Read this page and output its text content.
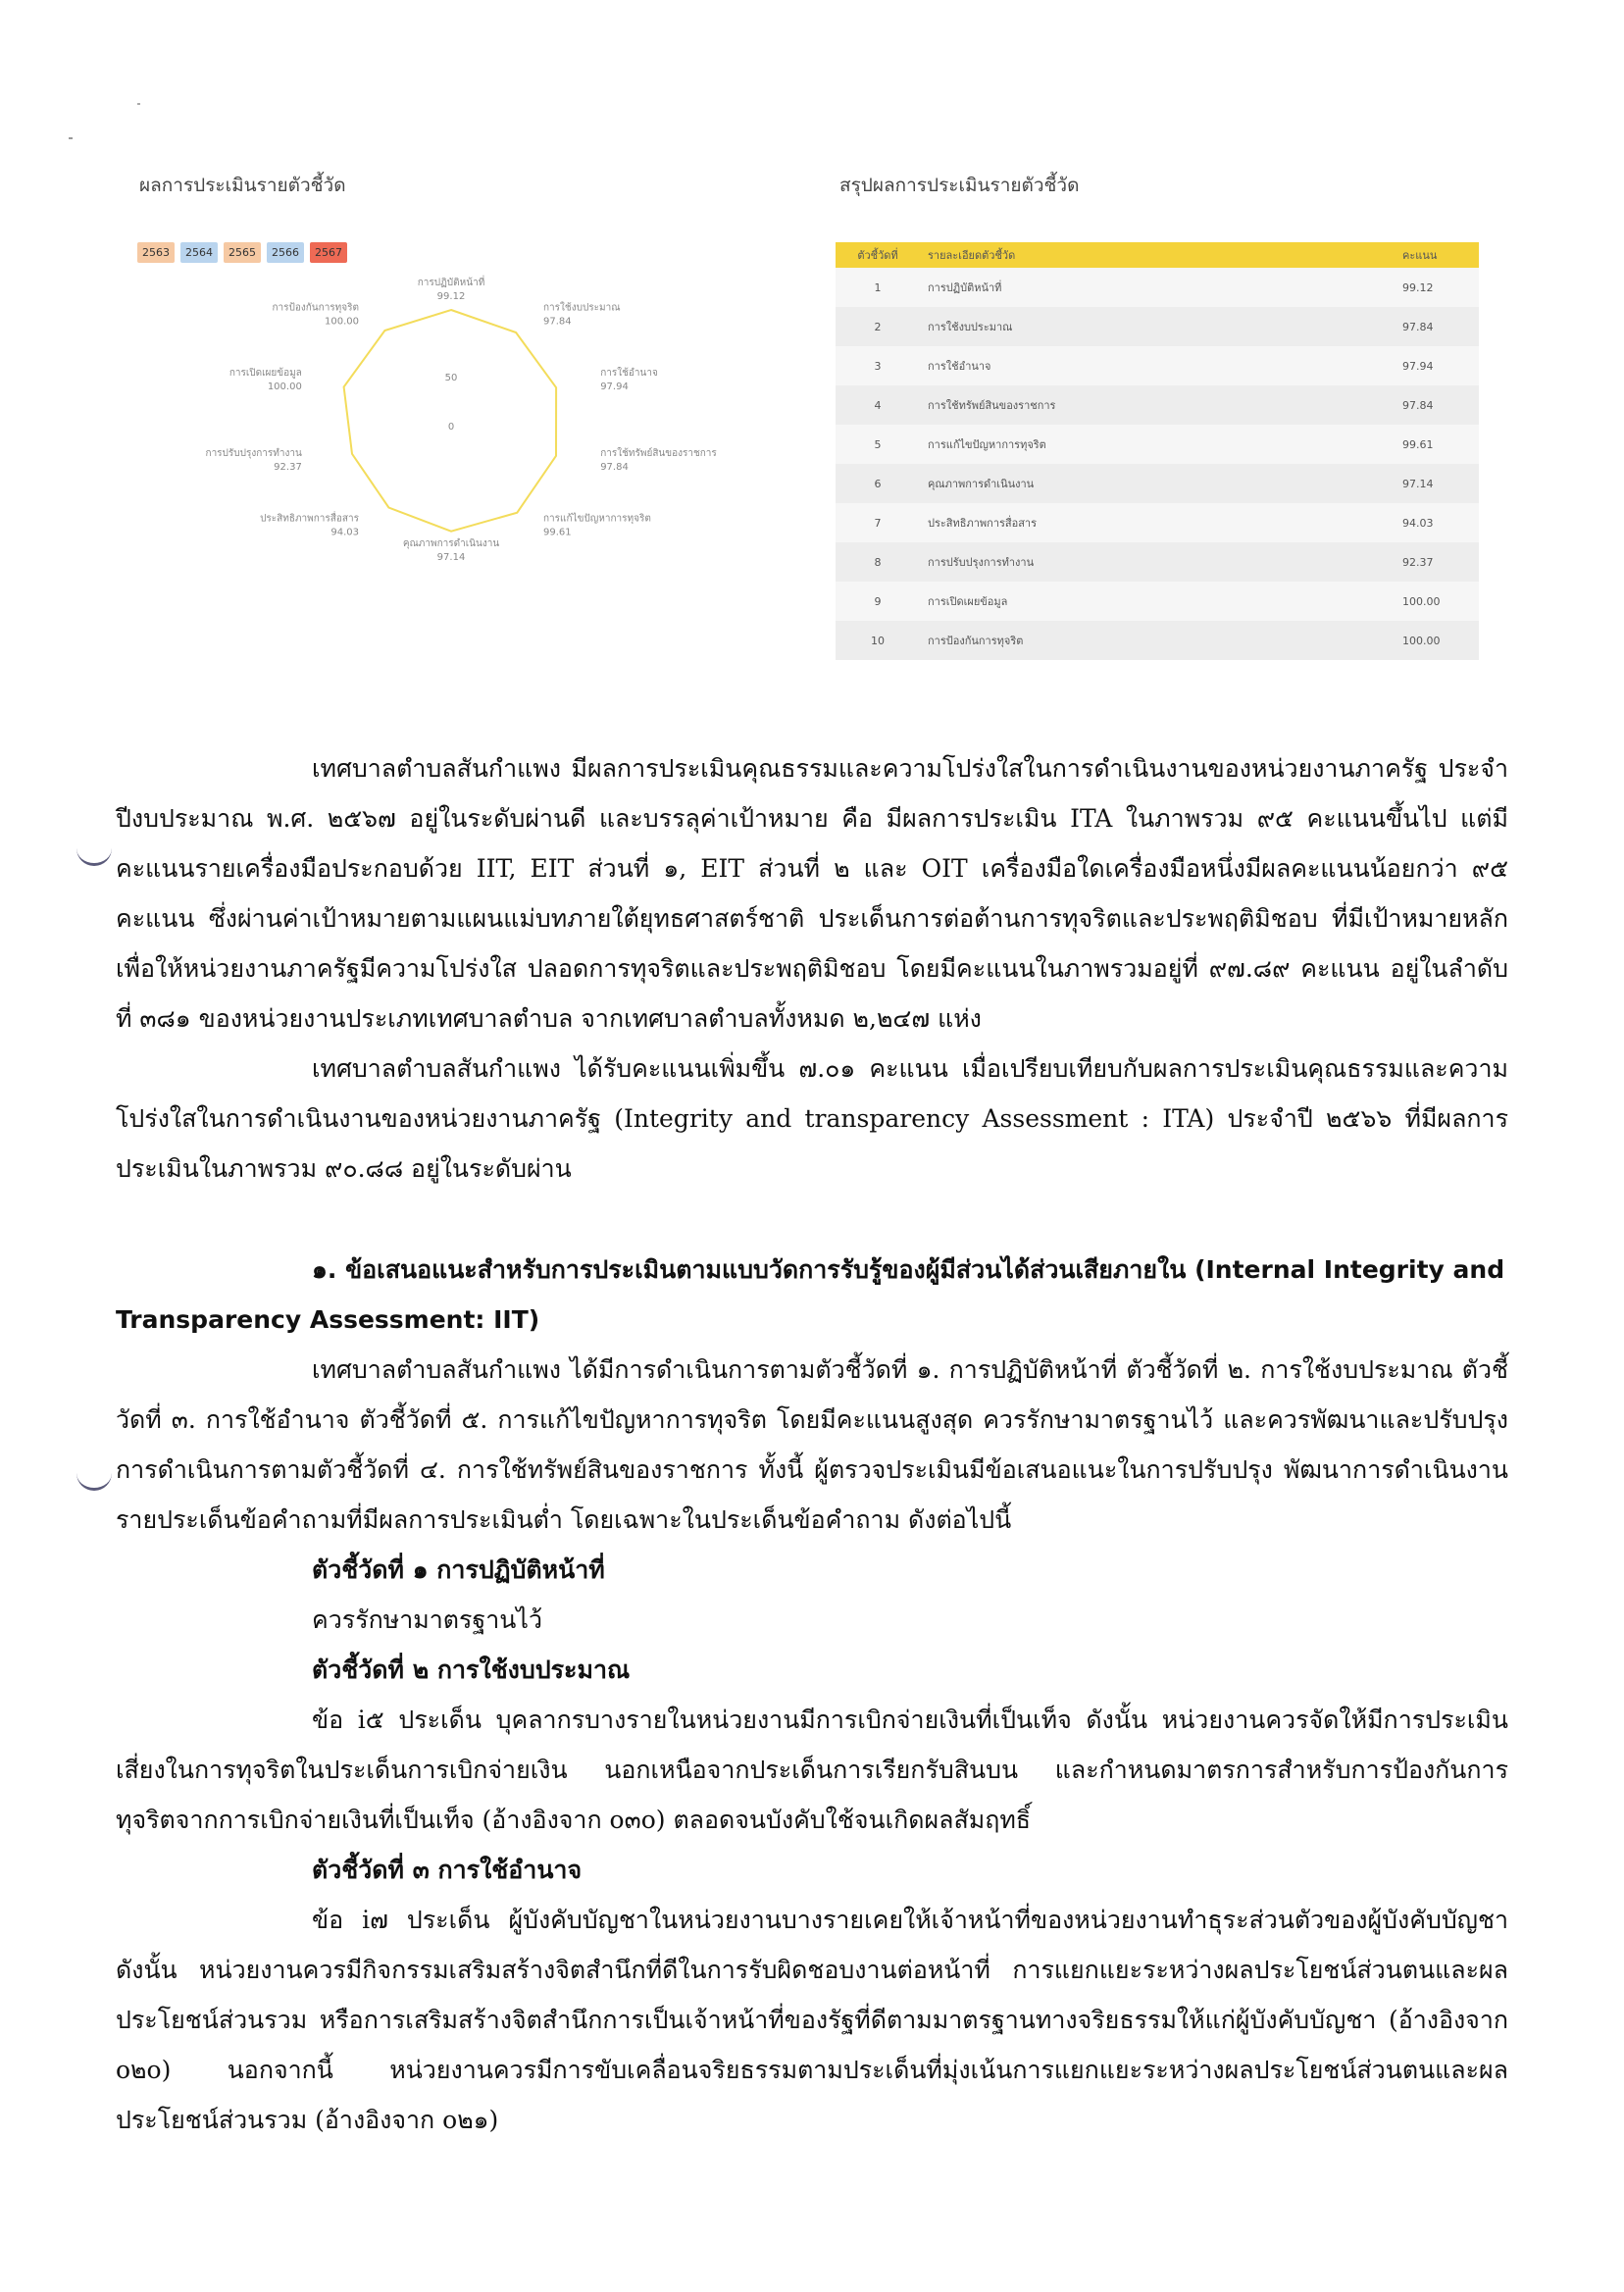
ผลการประเมินรายตัวชี้วัด
2563	2564	2565	2566	2567
50
0
การปฏิบัติหน้าที่
99.12
การใช้งบประมาณ
97.84
การใช้อำนาจ
97.94
การใช้ทรัพย์สินของราชการ
97.84
การแก้ไขปัญหาการทุจริต
99.61
คุณภาพการดำเนินงาน
97.14
ประสิทธิภาพการสื่อสาร
94.03
การปรับปรุงการทำงาน
92.37
การเปิดเผยข้อมูล
100.00
การป้องกันการทุจริต
100.00
สรุปผลการประเมินรายตัวชี้วัด
ตัวชี้วัดที่	รายละเอียดตัวชี้วัด	คะแนน
1	การปฏิบัติหน้าที่	99.12
2	การใช้งบประมาณ	97.84
3	การใช้อำนาจ	97.94
4	การใช้ทรัพย์สินของราชการ	97.84
5	การแก้ไขปัญหาการทุจริต	99.61
6	คุณภาพการดำเนินงาน	97.14
7	ประสิทธิภาพการสื่อสาร	94.03
8	การปรับปรุงการทำงาน	92.37
9	การเปิดเผยข้อมูล	100.00
10	การป้องกันการทุจริต	100.00

เทศบาลตำบลสันกำแพง มีผลการประเมินคุณธรรมและความโปร่งใสในการดำเนินงานของหน่วยงานภาครัฐ ประจำปีงบประมาณ พ.ศ. ๒๕๖๗ อยู่ในระดับผ่านดี และบรรลุค่าเป้าหมาย คือ มีผลการประเมิน ITA ในภาพรวม ๙๕ คะแนนขึ้นไป แต่มีคะแนนรายเครื่องมือประกอบด้วย IIT, EIT ส่วนที่ ๑, EIT ส่วนที่ ๒ และ OIT เครื่องมือใดเครื่องมือหนึ่งมีผลคะแนนน้อยกว่า ๙๕ คะแนน ซึ่งผ่านค่าเป้าหมายตามแผนแม่บทภายใต้ยุทธศาสตร์ชาติ ประเด็นการต่อต้านการทุจริตและประพฤติมิชอบ ที่มีเป้าหมายหลักเพื่อให้หน่วยงานภาครัฐมีความโปร่งใส ปลอดการทุจริตและประพฤติมิชอบ โดยมีคะแนนในภาพรวมอยู่ที่ ๙๗.๘๙ คะแนน อยู่ในลำดับที่ ๓๘๑ ของหน่วยงานประเภทเทศบาลตำบล จากเทศบาลตำบลทั้งหมด ๒,๒๔๗ แห่ง

เทศบาลตำบลสันกำแพง ได้รับคะแนนเพิ่มขึ้น ๗.๐๑ คะแนน เมื่อเปรียบเทียบกับผลการประเมินคุณธรรมและความโปร่งใสในการดำเนินงานของหน่วยงานภาครัฐ (Integrity and transparency Assessment : ITA) ประจำปี ๒๕๖๖ ที่มีผลการประเมินในภาพรวม ๙๐.๘๘ อยู่ในระดับผ่าน

๑. ข้อเสนอแนะสำหรับการประเมินตามแบบวัดการรับรู้ของผู้มีส่วนได้ส่วนเสียภายใน (Internal Integrity and Transparency Assessment: IIT)

เทศบาลตำบลสันกำแพง ได้มีการดำเนินการตามตัวชี้วัดที่ ๑. การปฏิบัติหน้าที่ ตัวชี้วัดที่ ๒. การใช้งบประมาณ ตัวชี้วัดที่ ๓. การใช้อำนาจ ตัวชี้วัดที่ ๕. การแก้ไขปัญหาการทุจริต โดยมีคะแนนสูงสุด ควรรักษามาตรฐานไว้ และควรพัฒนาและปรับปรุงการดำเนินการตามตัวชี้วัดที่ ๔. การใช้ทรัพย์สินของราชการ ทั้งนี้ ผู้ตรวจประเมินมีข้อเสนอแนะในการปรับปรุง พัฒนาการดำเนินงานรายประเด็นข้อคำถามที่มีผลการประเมินต่ำ โดยเฉพาะในประเด็นข้อคำถาม ดังต่อไปนี้

ตัวชี้วัดที่ ๑ การปฏิบัติหน้าที่

ควรรักษามาตรฐานไว้

ตัวชี้วัดที่ ๒ การใช้งบประมาณ

ข้อ i๕ ประเด็น บุคลากรบางรายในหน่วยงานมีการเบิกจ่ายเงินที่เป็นเท็จ ดังนั้น หน่วยงานควรจัดให้มีการประเมินเสี่ยงในการทุจริตในประเด็นการเบิกจ่ายเงิน นอกเหนือจากประเด็นการเรียกรับสินบน และกำหนดมาตรการสำหรับการป้องกันการทุจริตจากการเบิกจ่ายเงินที่เป็นเท็จ (อ้างอิงจาก o๓o) ตลอดจนบังคับใช้จนเกิดผลสัมฤทธิ์

ตัวชี้วัดที่ ๓ การใช้อำนาจ

ข้อ i๗ ประเด็น ผู้บังคับบัญชาในหน่วยงานบางรายเคยให้เจ้าหน้าที่ของหน่วยงานทำธุระส่วนตัวของผู้บังคับบัญชา ดังนั้น หน่วยงานควรมีกิจกรรมเสริมสร้างจิตสำนึกที่ดีในการรับผิดชอบงานต่อหน้าที่ การแยกแยะระหว่างผลประโยชน์ส่วนตนและผลประโยชน์ส่วนรวม หรือการเสริมสร้างจิตสำนึกการเป็นเจ้าหน้าที่ของรัฐที่ดีตามมาตรฐานทางจริยธรรมให้แก่ผู้บังคับบัญชา (อ้างอิงจาก o๒o) นอกจากนี้ หน่วยงานควรมีการขับเคลื่อนจริยธรรมตามประเด็นที่มุ่งเน้นการแยกแยะระหว่างผลประโยชน์ส่วนตนและผลประโยชน์ส่วนรวม (อ้างอิงจาก o๒๑)
